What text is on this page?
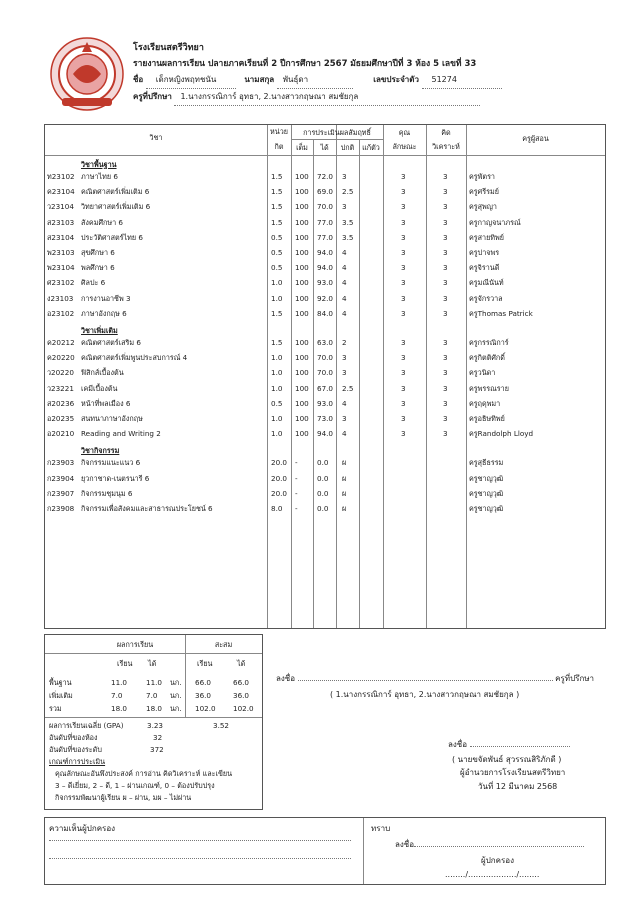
โรงเรียนสตรีวิทยา
รายงานผลการเรียน ปลายภาคเรียนที่ 2 ปีการศึกษา 2567 มัธยมศึกษาปีที่ 3 ห้อง 5 เลขที่ 33
ชื่อ เด็กหญิงพฤทชนัน	นามสกุล พันธุ์ดา	เลขประจำตัว 51274
ครูที่ปรึกษา 1.นางกรรณิการ์ อุทธา, 2.นางสาวกฤษณา สมชัยกุล
วิชา
หน่วย
กิต
การประเมินผลสัมฤทธิ์
เต็ม	ได้	ปกติ	แก้ตัว
คุณ
ลักษณะ
คิด
วิเคราะห์
ครูผู้สอน
วิชาพื้นฐาน
ท23102 ภาษาไทย 6	1.5 100 72.0 3	3	3	ครูพัตรา
ค23104 คณิตศาสตร์เพิ่มเติม 6	1.5 100 69.0 2.5	3	3	ครูศรีรมย์
ว23104 วิทยาศาสตร์เพิ่มเติม 6	1.5 100 70.0 3	3	3	ครูสุพญา
ส23103 สังคมศึกษา 6	1.5 100 77.0 3.5	3	3	ครูกาญจนาภรณ์
ส23104 ประวัติศาสตร์ไทย 6	0.5 100 77.0 3.5	3	3	ครูสายทิพย์
พ23103 สุขศึกษา 6	0.5 100 94.0 4	3	3	ครูปาจพร
พ23104 พลศึกษา 6	0.5 100 94.0 4	3	3	ครูจิรานดี
ศ23102 ศิลปะ 6	1.0 100 93.0 4	3	3	ครูมณีนันท์
ง23103 การงานอาชีพ 3	1.0 100 92.0 4	3	3	ครูจักรวาล
อ23102 ภาษาอังกฤษ 6	1.5 100 84.0 4	3	3	ครูThomas Patrick
วิชาเพิ่มเติม
ค20212 คณิตศาสตร์เสริม 6	1.5 100 63.0 2	3	3	ครูกรรณิการ์
ค20220 คณิตศาสตร์เพิ่มพูนประสบการณ์ 4	1.0 100 70.0 3	3	3	ครูกิตติศักดิ์
ว20220 ฟิสิกส์เบื้องต้น	1.0 100 70.0 3	3	3	ครูวนิดา
ว23221 เคมีเบื้องต้น	1.0 100 67.0 2.5	3	3	ครูพรรณราย
ส20236 หน้าที่พลเมือง 6	0.5 100 93.0 4	3	3	ครูฤดุพมา
อ20235 สนทนาภาษาอังกฤษ	1.0 100 73.0 3	3	3	ครูอธิษทิพย์
อ20210 Reading and Writing 2	1.0 100 94.0 4	3	3	ครูRandolph Lloyd
วิชากิจกรรม
ก23903 กิจกรรมแนะแนว 6	20.0 -	0.0 ผ	ครูสุธีธรรม
ก23904 ยุวกาชาด-เนตรนารี 6	20.0 -	0.0 ผ	ครูชาญวุฒิ
ก23907 กิจกรรมชุมนุม 6	20.0 -	0.0 ผ	ครูชาญวุฒิ
ก23908 กิจกรรมเพื่อสังคมและสาธารณประโยชน์ 6	8.0 -	0.0 ผ	ครูชาญวุฒิ
ผลการเรียน	สะสม
เรียน ได้	เรียน	ได้
พื้นฐาน	11.0	11.0 นก. 66.0	66.0
เพิ่มเติม	7.0	7.0 นก. 36.0	36.0
รวม	18.0	18.0 นก. 102.0 102.0
ผลการเรียนเฉลี่ย (GPA)	3.23	3.52
อันดับที่ของห้อง	32
อันดับที่ของระดับ	372
เกณฑ์การประเมิน
คุณลักษณะอันพึงประสงค์ การอ่าน คิดวิเคราะห์ และเขียน
3 – ดีเยี่ยม, 2 – ดี, 1 – ผ่านเกณฑ์, 0 – ต้องปรับปรุง
กิจกรรมพัฒนาผู้เรียน ผ – ผ่าน, มผ – ไม่ผ่าน
ลงชื่อ	ครูที่ปรึกษา
( 1.นางกรรณิการ์ อุทธา, 2.นางสาวกฤษณา สมชัยกุล )
ลงชื่อ
( นายขจัดพันธ์ สุวรรณสิริภักดี )
ผู้อำนวยการโรงเรียนสตรีวิทยา
วันที่ 12 มีนาคม 2568
ความเห็นผู้ปกครอง	ทราบ
ลงชื่อ
ผู้ปกครอง
......../.................../........
